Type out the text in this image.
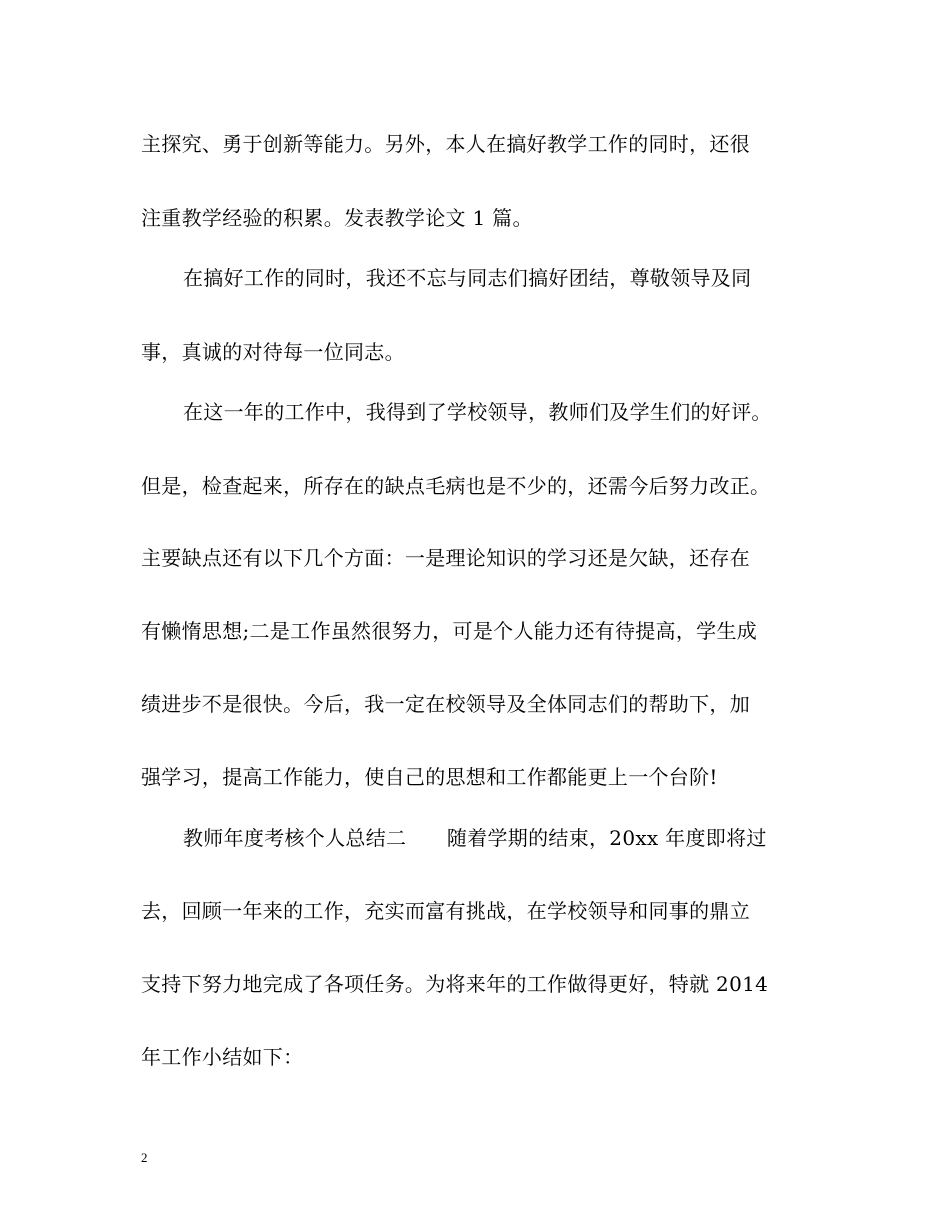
主探究、勇于创新等能力。另外，本人在搞好教学工作的同时，还很
注重教学经验的积累。发表教学论文 1 篇。
在搞好工作的同时，我还不忘与同志们搞好团结，尊敬领导及同
事，真诚的对待每一位同志。
在这一年的工作中，我得到了学校领导，教师们及学生们的好评。
但是，检查起来，所存在的缺点毛病也是不少的，还需今后努力改正。
主要缺点还有以下几个方面：一是理论知识的学习还是欠缺，还存在
有懒惰思想;二是工作虽然很努力，可是个人能力还有待提高，学生成
绩进步不是很快。今后，我一定在校领导及全体同志们的帮助下，加
强学习，提高工作能力，使自己的思想和工作都能更上一个台阶!
教师年度考核个人总结二　　随着学期的结束，20xx 年度即将过
去，回顾一年来的工作，充实而富有挑战，在学校领导和同事的鼎立
支持下努力地完成了各项任务。为将来年的工作做得更好，特就 2014
年工作小结如下：
2
